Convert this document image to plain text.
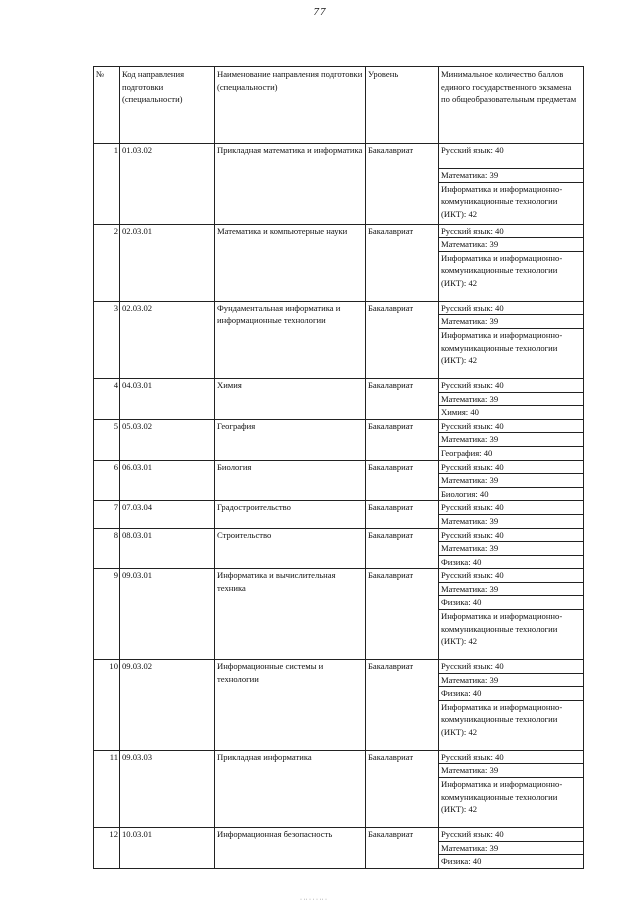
77
№	Код направления подготовки (специальности)	Наименование направления подготовки (специальности)	Уровень	Минимальное количество баллов единого государственного экзамена по общеобразовательным предметам
1	01.03.02	Прикладная математика и информатика	Бакалавриат	Русский язык: 40
				Математика: 39
				Информатика и информационно-коммуникационные технологии (ИКТ): 42
2	02.03.01	Математика и компьютерные науки	Бакалавриат	Русский язык: 40
				Математика: 39
				Информатика и информационно-коммуникационные технологии (ИКТ): 42
3	02.03.02	Фундаментальная информатика и информационные технологии	Бакалавриат	Русский язык: 40
				Математика: 39
				Информатика и информационно-коммуникационные технологии (ИКТ): 42
4	04.03.01	Химия	Бакалавриат	Русский язык: 40
				Математика: 39
				Химия: 40
5	05.03.02	География	Бакалавриат	Русский язык: 40
				Математика: 39
				География: 40
6	06.03.01	Биология	Бакалавриат	Русский язык: 40
				Математика: 39
				Биология: 40
7	07.03.04	Градостроительство	Бакалавриат	Русский язык: 40
				Математика: 39
8	08.03.01	Строительство	Бакалавриат	Русский язык: 40
				Математика: 39
				Физика: 40
9	09.03.01	Информатика и вычислительная техника	Бакалавриат	Русский язык: 40
				Математика: 39
				Физика: 40
				Информатика и информационно-коммуникационные технологии (ИКТ): 42
10	09.03.02	Информационные системы и технологии	Бакалавриат	Русский язык: 40
				Математика: 39
				Физика: 40
				Информатика и информационно-коммуникационные технологии (ИКТ): 42
11	09.03.03	Прикладная информатика	Бакалавриат	Русский язык: 40
				Математика: 39
				Информатика и информационно-коммуникационные технологии (ИКТ): 42
12	10.03.01	Информационная безопасность	Бакалавриат	Русский язык: 40
				Математика: 39
				Физика: 40
· ·· · · · ·· ·
